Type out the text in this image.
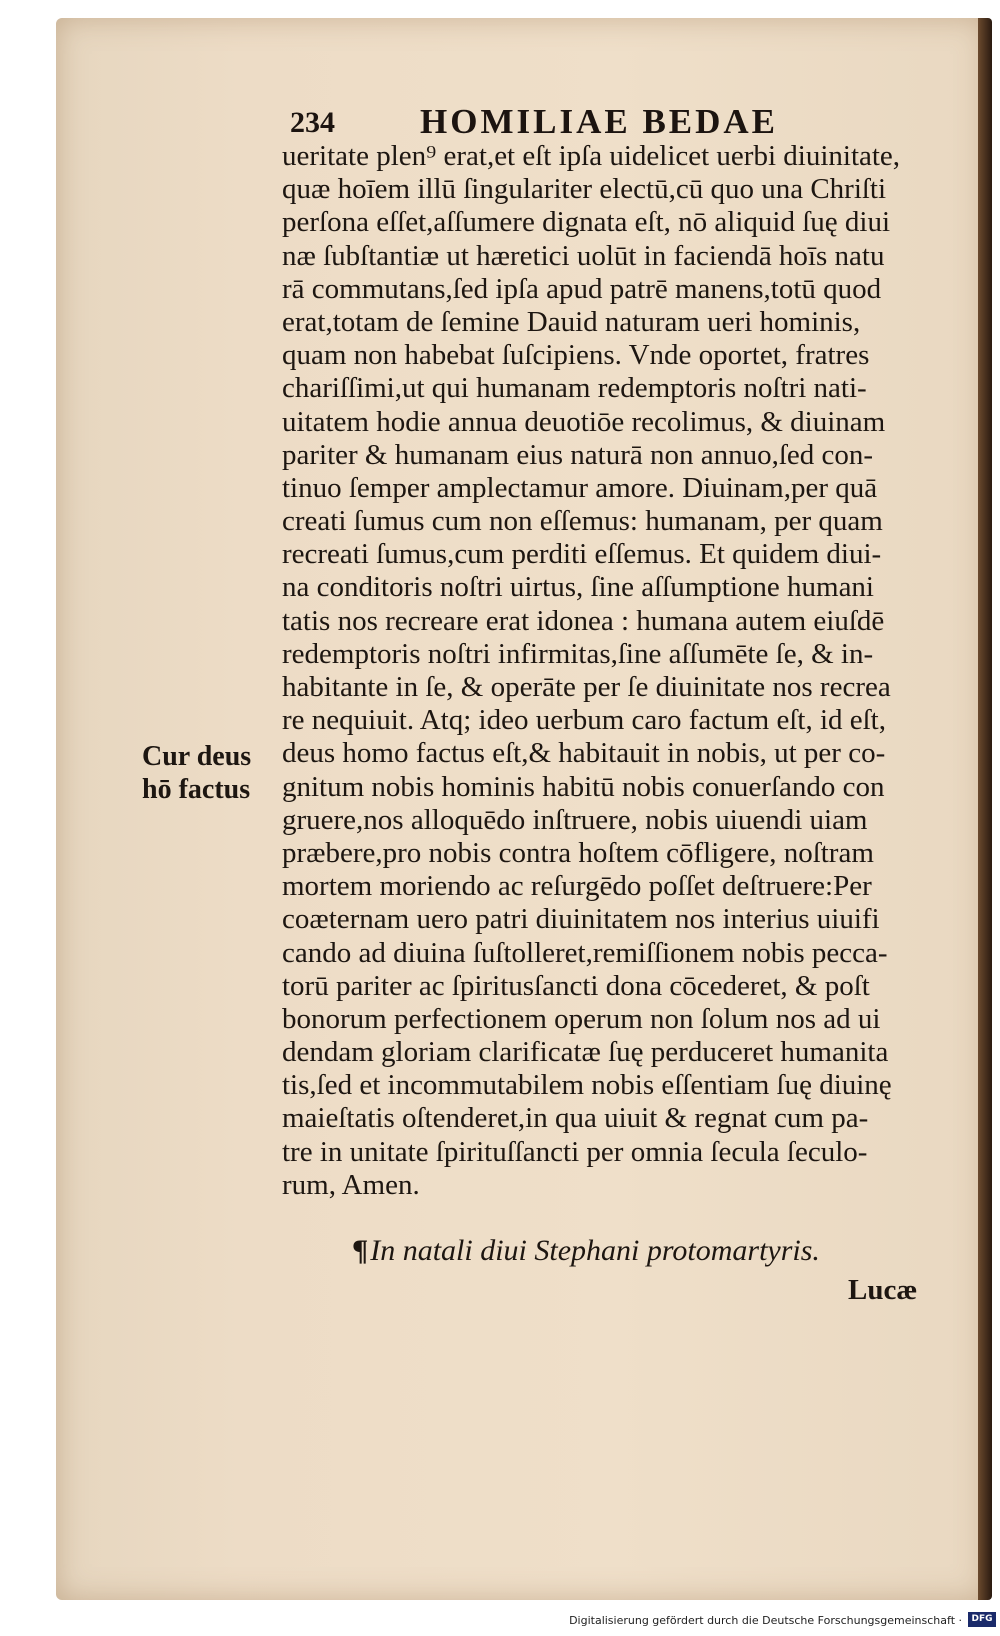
234 HOMILIAE BEDAE
ueritate plen⁹ erat,et eſt ipſa uidelicet uerbi diuinitate,
quæ hoīem illū ſingulariter electū,cū quo una Chriſti
perſona eſſet,aſſumere dignata eſt, nō aliquid ſuę diui
næ ſubſtantiæ ut hæretici uolūt in faciendā hoīs natu
rā commutans,ſed ipſa apud patrē manens,totū quod
erat,totam de ſemine Dauid naturam ueri hominis,
quam non habebat ſuſcipiens. Vnde oportet, fratres
chariſſimi,ut qui humanam redemptoris noſtri nati-
uitatem hodie annua deuotiōe recolimus, & diuinam
pariter & humanam eius naturā non annuo,ſed con-
tinuo ſemper amplectamur amore. Diuinam,per quā
creati ſumus cum non eſſemus: humanam, per quam
recreati ſumus,cum perditi eſſemus. Et quidem diui-
na conditoris noſtri uirtus, ſine aſſumptione humani
tatis nos recreare erat idonea : humana autem eiuſdē
redemptoris noſtri infirmitas,ſine aſſumēte ſe, & in-
habitante in ſe, & operāte per ſe diuinitate nos recrea
re nequiuit. Atq; ideo uerbum caro factum eſt, id eſt,
deus homo factus eſt,& habitauit in nobis, ut per co-
gnitum nobis hominis habitū nobis conuerſando con
gruere,nos alloquēdo inſtruere, nobis uiuendi uiam
præbere,pro nobis contra hoſtem cōfligere, noſtram
mortem moriendo ac reſurgēdo poſſet deſtruere:Per
coæternam uero patri diuinitatem nos interius uiuifi
cando ad diuina ſuſtolleret,remiſſionem nobis pecca-
torū pariter ac ſpiritusſancti dona cōcederet, & poſt
bonorum perfectionem operum non ſolum nos ad ui
dendam gloriam clarificatæ ſuę perduceret humanita
tis,ſed et incommutabilem nobis eſſentiam ſuę diuinę
maieſtatis oſtenderet,in qua uiuit & regnat cum pa-
tre in unitate ſpirituſſancti per omnia ſecula ſeculo-
rum, Amen.
Cur deus
hō factus
¶In natali diui Stephani protomartyris.
Lucæ
Digitalisierung gefördert durch die Deutsche Forschungsgemeinschaft ·	DFG
